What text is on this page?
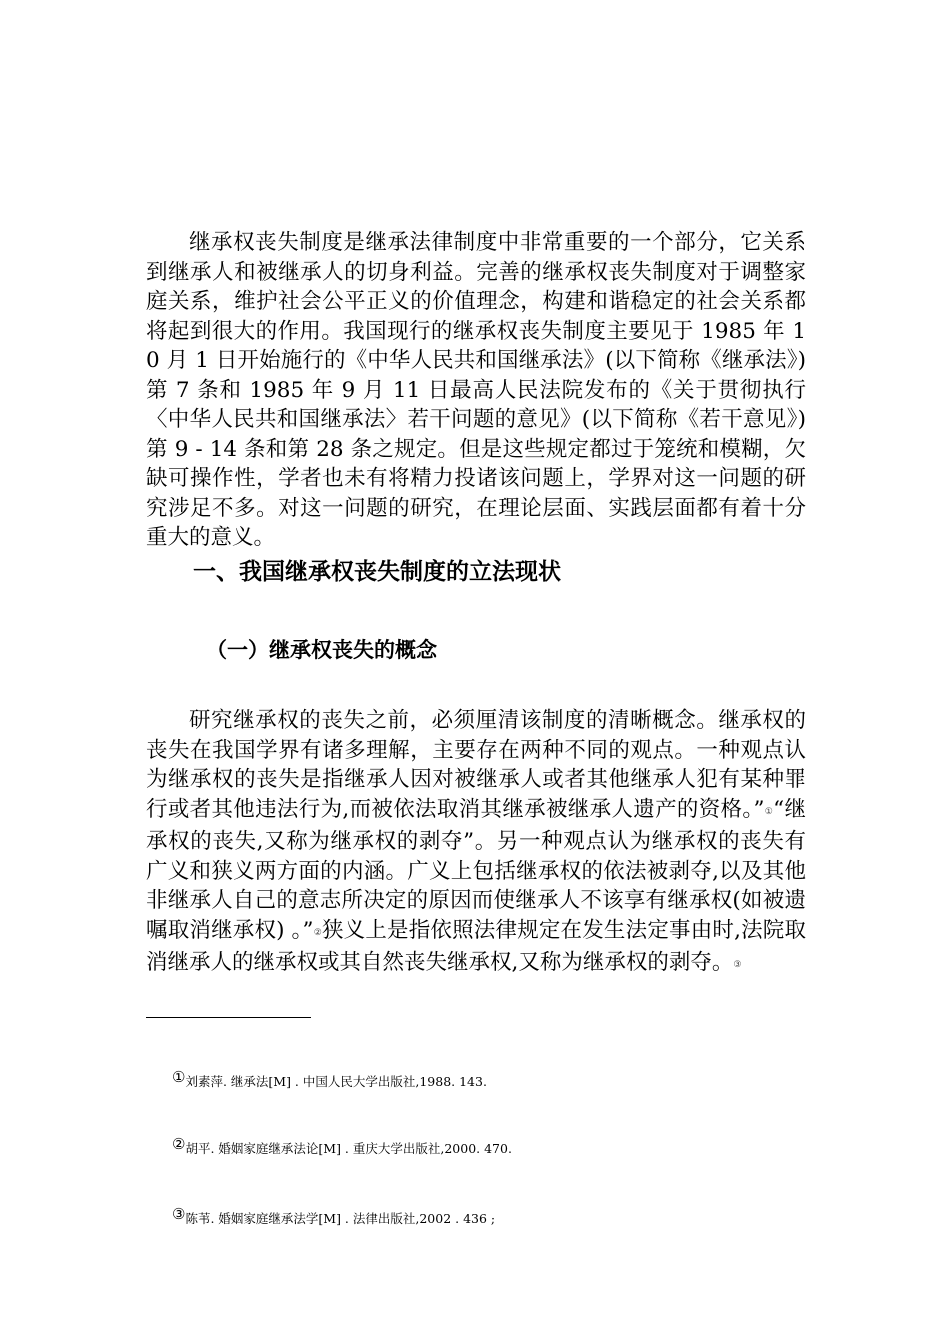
继承权丧失制度是继承法律制度中非常重要的一个部分，它关系到继承人和被继承人的切身利益。完善的继承权丧失制度对于调整家庭关系，维护社会公平正义的价值理念，构建和谐稳定的社会关系都将起到很大的作用。我国现行的继承权丧失制度主要见于 1985 年 10 月 1 日开始施行的《中华人民共和国继承法》(以下简称《继承法》) 第 7 条和 1985 年 9 月 11 日最高人民法院发布的《关于贯彻执行〈中华人民共和国继承法〉若干问题的意见》(以下简称《若干意见》) 第 9 - 14 条和第 28 条之规定。但是这些规定都过于笼统和模糊，欠缺可操作性，学者也未有将精力投诸该问题上，学界对这一问题的研究涉足不多。对这一问题的研究，在理论层面、实践层面都有着十分重大的意义。

一、我国继承权丧失制度的立法现状
（一）继承权丧失的概念

研究继承权的丧失之前，必须厘清该制度的清晰概念。继承权的丧失在我国学界有诸多理解，主要存在两种不同的观点。一种观点认为继承权的丧失是指继承人因对被继承人或者其他继承人犯有某种罪行或者其他违法行为,而被依法取消其继承被继承人遗产的资格。”①“继承权的丧失,又称为继承权的剥夺”。另一种观点认为继承权的丧失有广义和狭义两方面的内涵。广义上包括继承权的依法被剥夺,以及其他非继承人自己的意志所决定的原因而使继承人不该享有继承权(如被遗嘱取消继承权) 。”②狭义上是指依照法律规定在发生法定事由时,法院取消继承人的继承权或其自然丧失继承权,又称为继承权的剥夺。③

①刘素萍. 继承法[M] . 中国人民大学出版社,1988. 143.
②胡平. 婚姻家庭继承法论[M] . 重庆大学出版社,2000. 470.
③陈苇. 婚姻家庭继承法学[M] . 法律出版社,2002 . 436 ;
